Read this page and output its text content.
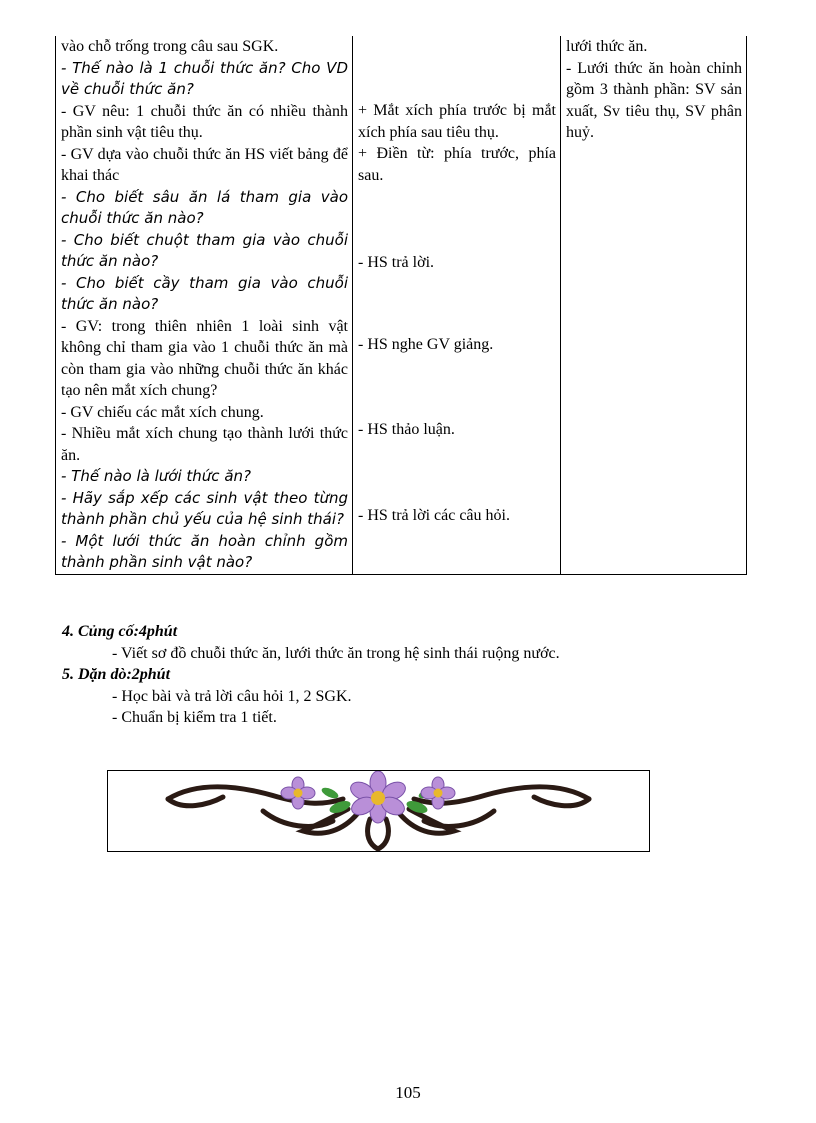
vào chỗ trống trong câu sau SGK.
- Thế nào là 1 chuỗi thức ăn? Cho VD về chuỗi thức ăn?
- GV nêu: 1 chuỗi thức ăn có nhiều thành phần sinh vật tiêu thụ.
- GV dựa vào chuỗi thức ăn HS viết bảng để khai thác
- Cho biết sâu ăn lá tham gia vào chuỗi thức ăn nào?
- Cho biết chuột tham gia vào chuỗi thức ăn nào?
- Cho biết cầy tham gia vào chuỗi thức ăn nào?
- GV: trong thiên nhiên 1 loài sinh vật không chỉ tham gia vào 1 chuỗi thức ăn mà còn tham gia vào những chuỗi thức ăn khác tạo nên mắt xích chung?
- GV chiếu các mắt xích chung.
- Nhiều mắt xích chung tạo thành lưới thức ăn.
- Thế nào là lưới thức ăn?
- Hãy sắp xếp các sinh vật theo từng thành phần chủ yếu của hệ sinh thái?
- Một lưới thức ăn hoàn chỉnh gồm thành phần sinh vật nào?

+ Mắt xích phía trước bị mắt xích phía sau tiêu thụ.
+ Điền từ: phía trước, phía sau.
- HS trả lời.
- HS nghe GV giảng.
- HS thảo luận.
- HS trả lời các câu hỏi.

lưới thức ăn.
- Lưới thức ăn hoàn chỉnh gồm 3 thành phần: SV sản xuất, Sv tiêu thụ, SV phân huỷ.
4. Củng cố:4phút
- Viết sơ đồ chuỗi thức ăn, lưới thức ăn trong hệ sinh thái ruộng nước.
5. Dặn dò:2phút
- Học bài và trả lời câu hỏi 1, 2 SGK.
- Chuẩn bị kiểm tra 1 tiết.
105
